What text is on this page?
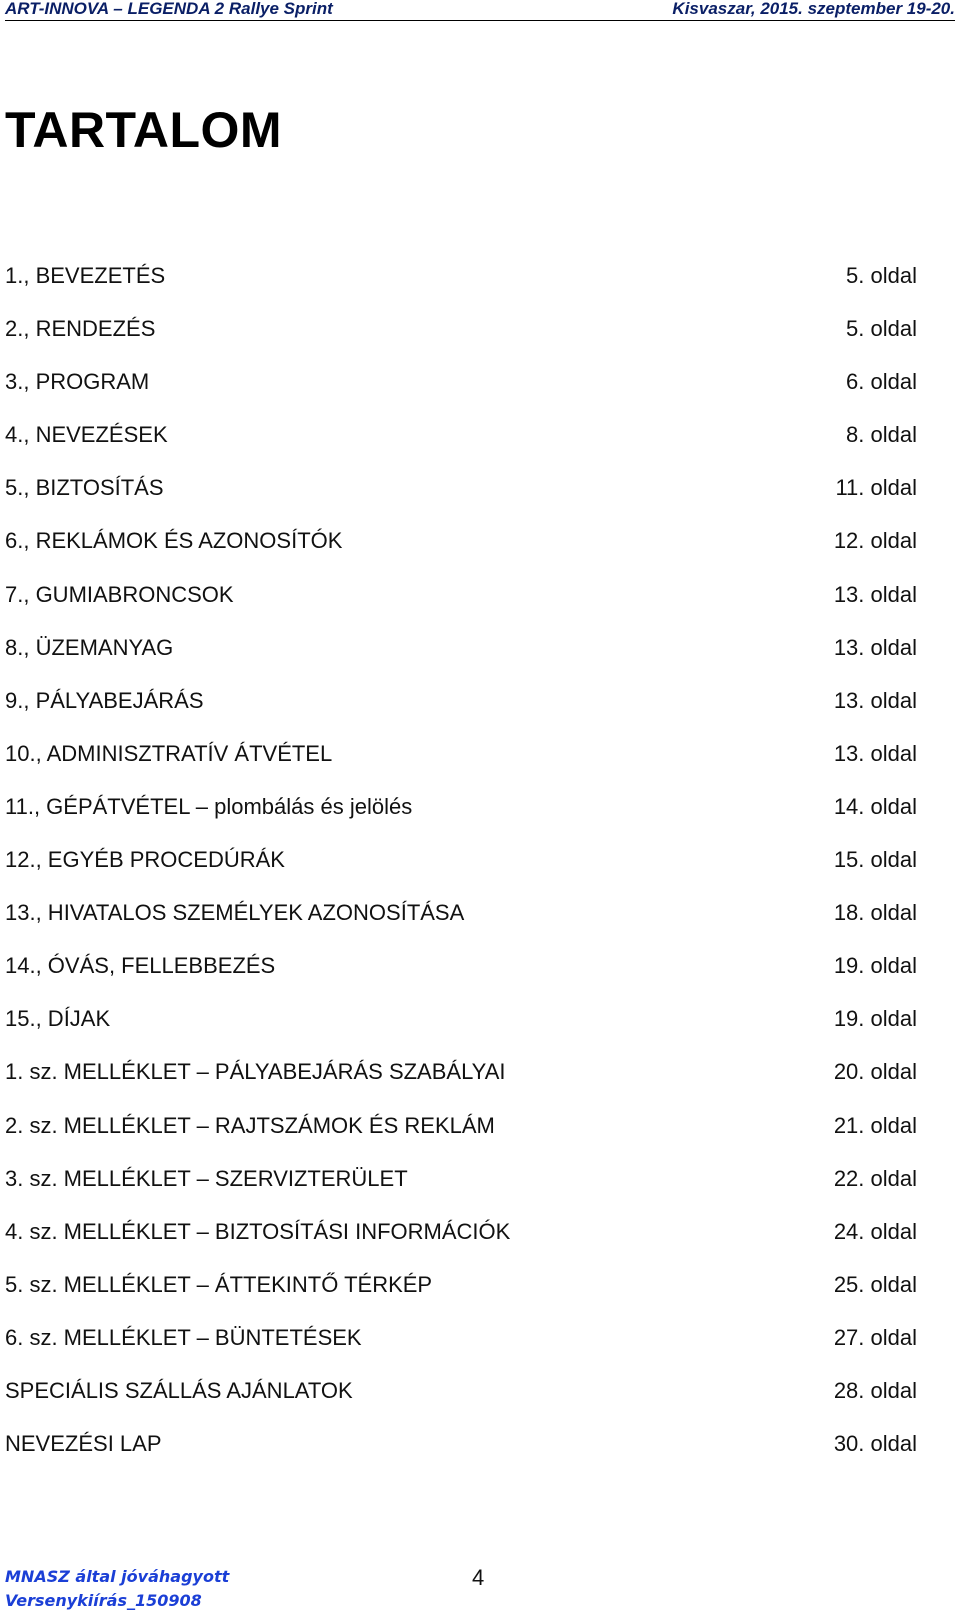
ART-INNOVA – LEGENDA 2 Rallye Sprint	Kisvaszar, 2015. szeptember 19-20.
TARTALOM
1., BEVEZETÉS	5. oldal
2., RENDEZÉS	5. oldal
3., PROGRAM	6. oldal
4., NEVEZÉSEK	8. oldal
5., BIZTOSÍTÁS	11. oldal
6., REKLÁMOK ÉS AZONOSÍTÓK	12. oldal
7., GUMIABRONCSOK	13. oldal
8., ÜZEMANYAG	13. oldal
9., PÁLYABEJÁRÁS	13. oldal
10., ADMINISZTRATÍV ÁTVÉTEL	13. oldal
11., GÉPÁTVÉTEL – plombálás és jelölés	14. oldal
12., EGYÉB PROCEDÚRÁK	15. oldal
13., HIVATALOS SZEMÉLYEK AZONOSÍTÁSA	18. oldal
14., ÓVÁS, FELLEBBEZÉS	19. oldal
15., DÍJAK	19. oldal
1. sz. MELLÉKLET – PÁLYABEJÁRÁS SZABÁLYAI	20. oldal
2. sz. MELLÉKLET – RAJTSZÁMOK ÉS REKLÁM	21. oldal
3. sz. MELLÉKLET – SZERVIZTERÜLET	22. oldal
4. sz. MELLÉKLET – BIZTOSÍTÁSI INFORMÁCIÓK	24. oldal
5. sz. MELLÉKLET – ÁTTEKINTŐ TÉRKÉP	25. oldal
6. sz. MELLÉKLET – BÜNTETÉSEK	27. oldal
SPECIÁLIS SZÁLLÁS AJÁNLATOK	28. oldal
NEVEZÉSI LAP	30. oldal
MNASZ által jóváhagyott
Versenykiírás_150908
4
